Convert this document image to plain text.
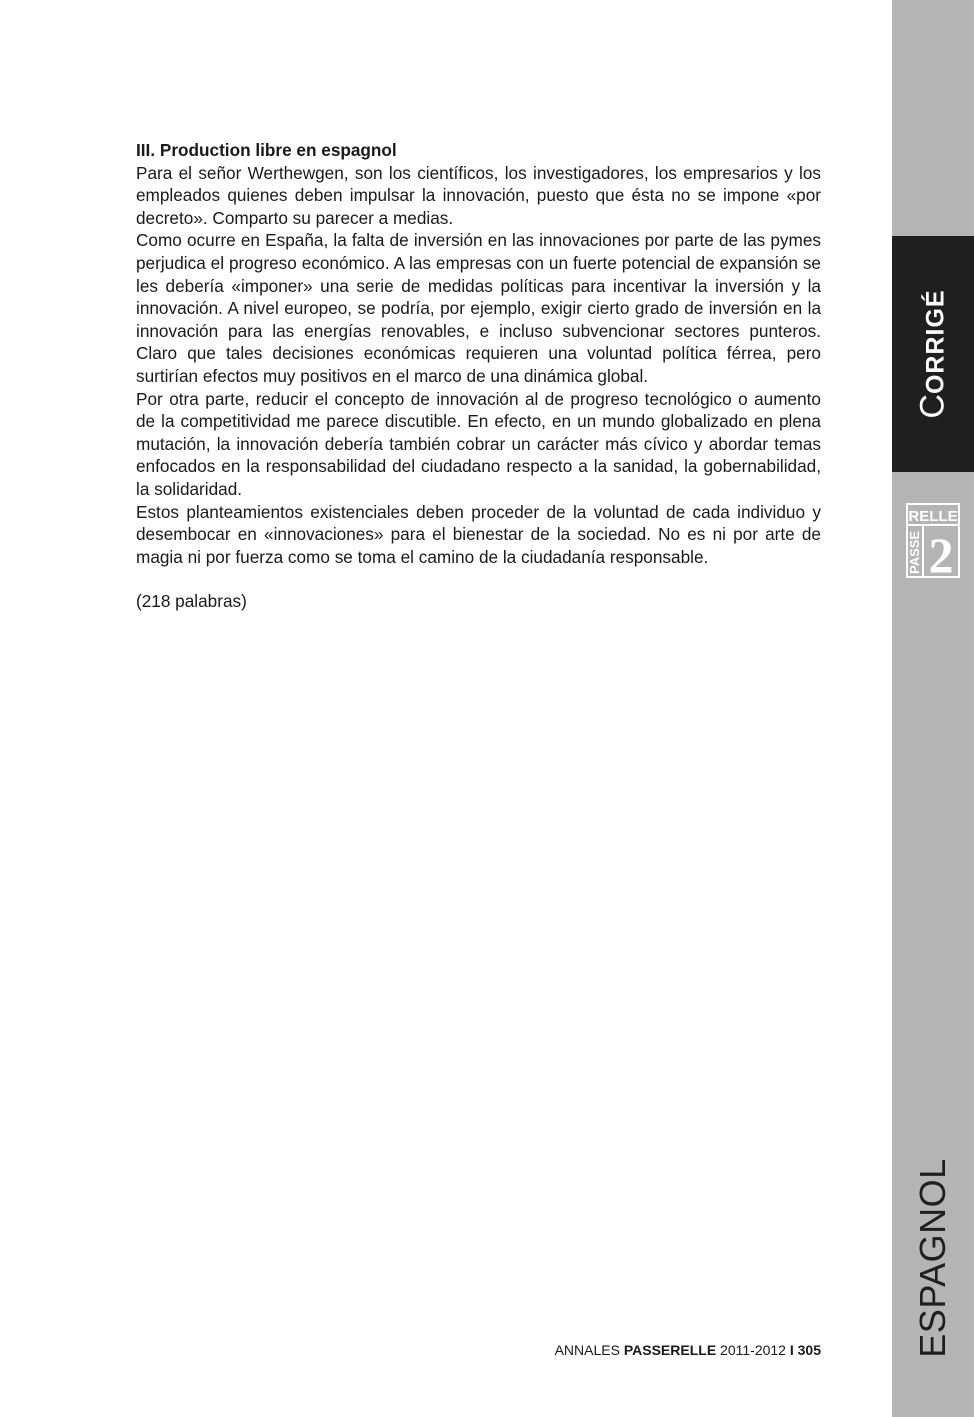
III. Production libre en espagnol

Para el señor Werthewgen, son los científicos, los investigadores, los empresarios y los empleados quienes deben impulsar la innovación, puesto que ésta no se impone «por decreto». Comparto su parecer a medias.

Como ocurre en España, la falta de inversión en las innovaciones por parte de las pymes perjudica el progreso económico. A las empresas con un fuerte potencial de expansión se les debería «imponer» una serie de medidas políticas para incentivar la inversión y la innovación. A nivel europeo, se podría, por ejemplo, exigir cierto grado de inversión en la innovación para las energías renovables, e incluso subvencionar sectores punteros. Claro que tales decisiones económicas requieren una voluntad política férrea, pero surtirían efectos muy positivos en el marco de una dinámica global.

Por otra parte, reducir el concepto de innovación al de progreso tecnológico o aumento de la competitividad me parece discutible. En efecto, en un mundo globalizado en plena mutación, la innovación debería también cobrar un carácter más cívico y abordar temas enfocados en la responsabilidad del ciudadano respecto a la sanidad, la gobernabilidad, la solidaridad.

Estos planteamientos existenciales deben proceder de la voluntad de cada individuo y desembocar en «innovaciones» para el bienestar de la sociedad. No es ni por arte de magia ni por fuerza como se toma el camino de la ciudadanía responsable.

(218 palabras)

ANNALES PASSERELLE 2011-2012 I 305
CORRIGÉ
RELLE
PASSE 2
ESPAGNOL
